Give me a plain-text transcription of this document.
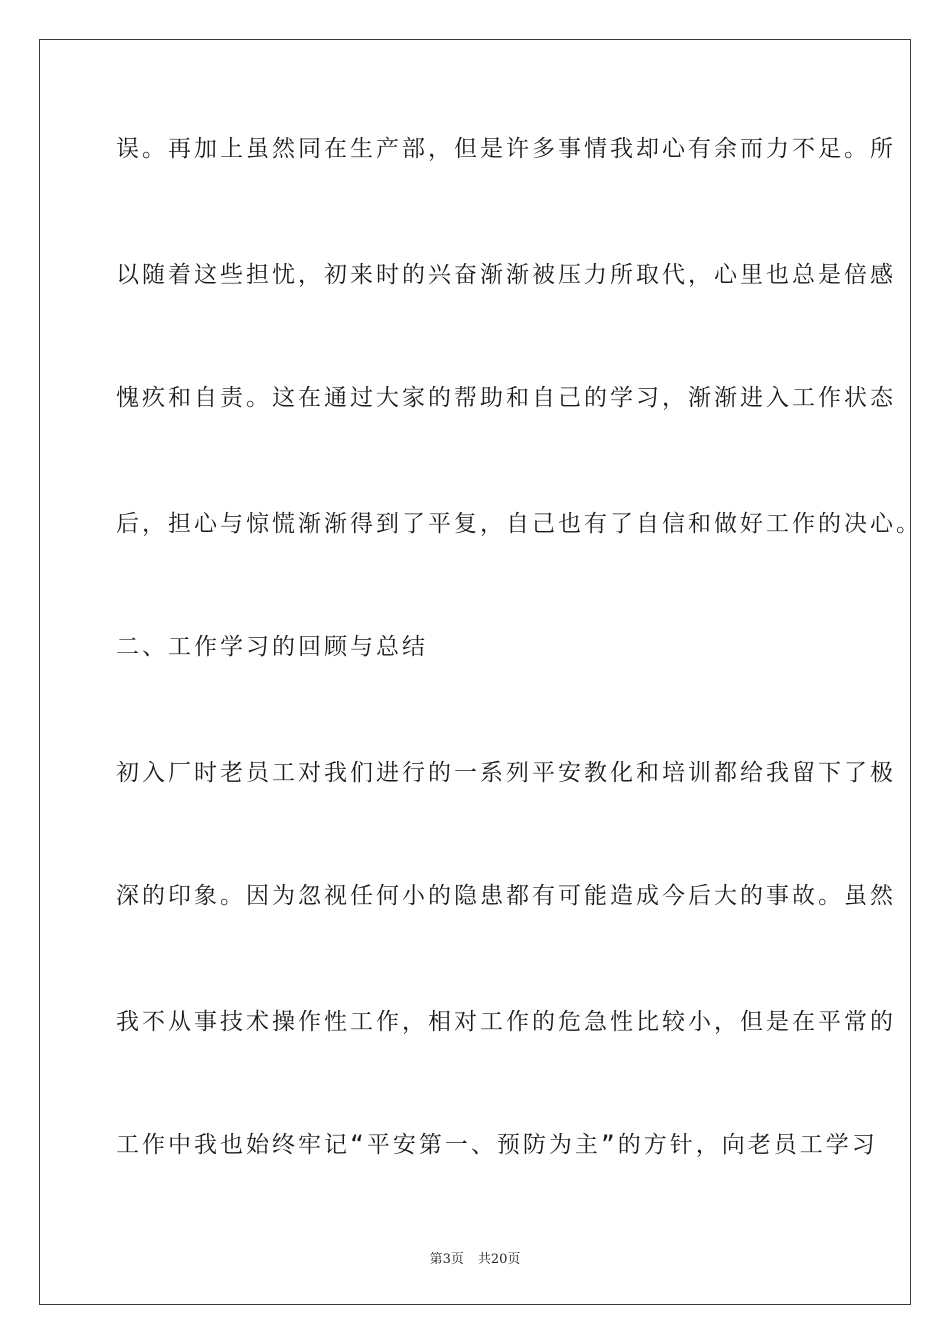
误。再加上虽然同在生产部，但是许多事情我却心有余而力不足。所
以随着这些担忧，初来时的兴奋渐渐被压力所取代，心里也总是倍感
愧疚和自责。这在通过大家的帮助和自己的学习，渐渐进入工作状态
后，担心与惊慌渐渐得到了平复，自己也有了自信和做好工作的决心。
二、工作学习的回顾与总结
初入厂时老员工对我们进行的一系列平安教化和培训都给我留下了极
深的印象。因为忽视任何小的隐患都有可能造成今后大的事故。虽然
我不从事技术操作性工作，相对工作的危急性比较小，但是在平常的
工作中我也始终牢记“平安第一、预防为主”的方针，向老员工学习
第3页 共20页
